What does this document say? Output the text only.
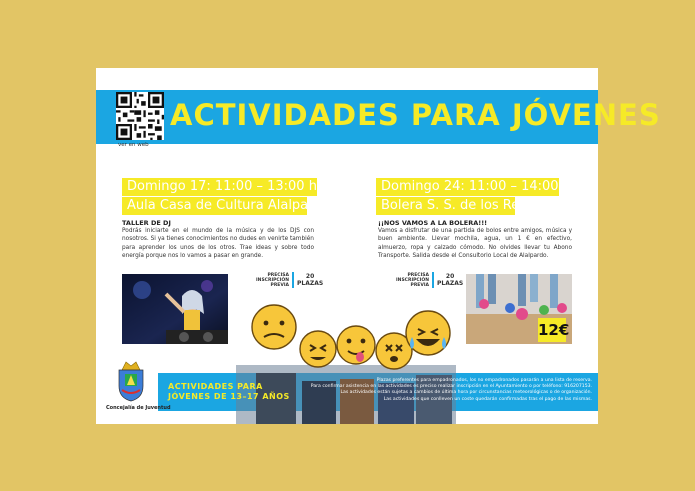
ver en web
ACTIVIDADES PARA JÓVENES
Domingo 17: 11:00 – 13:00 h
Aula Casa de Cultura Alalpardo
TALLER DE DJ
Podrás iniciarte en el mundo de la música y de los DJS con nosotros. Si ya tienes conocimientos no dudes en venirte también para aprender los unos de los otros. Trae ideas y sobre todo energía porque nos lo vamos a pasar en grande.
PRECISA
INSCRIPCIÓN
PREVIA
20
PLAZAS
Domingo 24: 11:00 – 14:00 h
Bolera S. S. de los Reyes
¡¡NOS VAMOS A LA BOLERA!!!
Vamos a disfrutar de una partida de bolos entre amigos, música y buen ambiente. Llevar mochila, agua, un 1 € en efectivo, almuerzo, ropa y calzado cómodo. No olvides llevar tu Abono Transporte. Salida desde el Consultorio Local de Alalpardo.
PRECISA
INSCRIPCIÓN
PREVIA
20
PLAZAS
12€
Concejalía de Juventud
ACTIVIDADES PARA
JÓVENES DE 13–17 AÑOS
Plazas preferentes para empadronados, los no empadronados pasarán a una lista de reserva.
Para confirmar asistencia en las actividades es preciso realizar inscripción en el Ayuntamiento o por teléfono: 916207153.
Las actividades están sujetas a cambios de última hora por circunstancias meteorológicas o de organización.
Las actividades que conlleven un coste quedarán confirmadas tras el pago de las mismas.
